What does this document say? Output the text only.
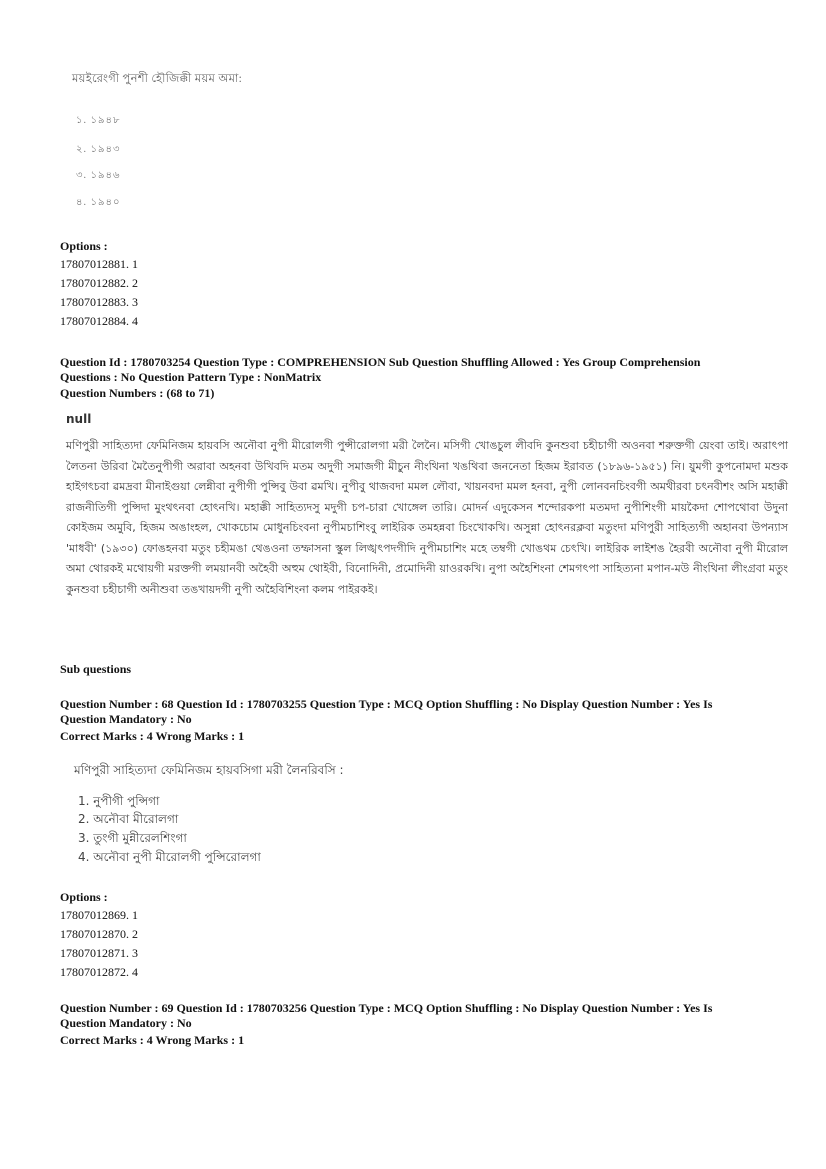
ময়ইরেংগী পুনশী হৌজিক্কী ময়ম অমা:
১. ১৯৪৮
২. ১৯৪৩
৩. ১৯৪৬
৪. ১৯৪০
Options :
17807012881. 1
17807012882. 2
17807012883. 3
17807012884. 4
Question Id : 1780703254 Question Type : COMPREHENSION Sub Question Shuffling Allowed : Yes Group Comprehension
Questions : No Question Pattern Type : NonMatrix
Question Numbers : (68 to 71)
null
মণিপুরী সাহিত্যদা ফেমিনিজম হায়বসি অনৌবা নুপী মীরোলগী পুন্সীরোলগা মরী লৈনৈ। মসিগী খোঙচুল লীবদি কুনশুবা চহীচাগী অওনবা শরুক্তগী য়েংবা তাই। অরাৎপা লৈতনা উরিবা মৈতৈনুপীগী অরাবা অহনবা উখিবদি মতম অদুগী সমাজগী মীচুন নীংথিনা খঙথিবা জননেতা হিজম ইরাবত (১৮৯৬-১৯৫১) নি। য়ুমগী কুপনোমদা মশুক হাইগৎচবা ৱমদ্রবা মীনাইগুয়া লেন্নীবা নুপীগী পুন্সিবু উবা ৱমখি। নুপীবু থাজবদা মমল লৌবা, খায়নবদা মমল হনবা, নুপী লোনবনচিংবগী অমথীরবা চৎনবীশং অসি মহাক্কী রাজনীতিগী পুন্সিদা মুংথৎনবা হোৎনখি। মহাক্কী সাহিত্যদসু মদুগী চপ-চারা খোঙ্গেল তারি। মোদর্ন এদুকেসন শন্দোরকপা মতমদা নুপীশিংগী মায়কৈদা শোপথোবা উদুনা কোইজম অমুবি, হিজম অঙাংহল, খোকচোম মোধুনচিংবনা নুপীমচাশিংবু লাইরিক তমহন্নবা চিংখোকখি। অসুন্না হোৎনরক্লবা মতুংদা মণিপুরী সাহিত্যগী অহানবা উপন্যাস 'মাধবী' (১৯৩০) ফোঙহনবা মতুং চহীমঙা থেঙওনা তম্ফাসনা স্কুল লিঙ্খৎপদগীদি নুপীমচাশিং মহে তম্বগী খোঙথম চেৎখি। লাইরিক লাইশঙ হৈরবী অনৌবা নুপী মীরোল অমা থোরকই মথোয়গী মরক্তগী লময়ানবী অহৈবী অহুম থোইবী, বিনোদিনী, প্রমোদিনী য়াওরকখি। নুপা অহৈশিংনা শেমগৎপা সাহিত্যনা মপান-মউ নীংথিনা লীংগ্রবা মতুং কুনশুবা চহীচাগী অনীশুবা তঙখায়দগী নুপী অহৈবিশিংনা কলম পাইরকই।
Sub questions
Question Number : 68 Question Id : 1780703255 Question Type : MCQ Option Shuffling : No Display Question Number : Yes Is
Question Mandatory : No
Correct Marks : 4 Wrong Marks : 1
মণিপুরী সাহিত্যদা ফেমিনিজম হায়বসিগা মরী লৈনরিবসি :
1. নুপীগী পুন্সিগা
2. অনৌবা মীরোলগা
3. তুংগী মুন্নীরেলশিংগা
4. অনৌবা নুপী মীরোলগী পুন্সিরোলগা
Options :
17807012869. 1
17807012870. 2
17807012871. 3
17807012872. 4
Question Number : 69 Question Id : 1780703256 Question Type : MCQ Option Shuffling : No Display Question Number : Yes Is
Question Mandatory : No
Correct Marks : 4 Wrong Marks : 1
